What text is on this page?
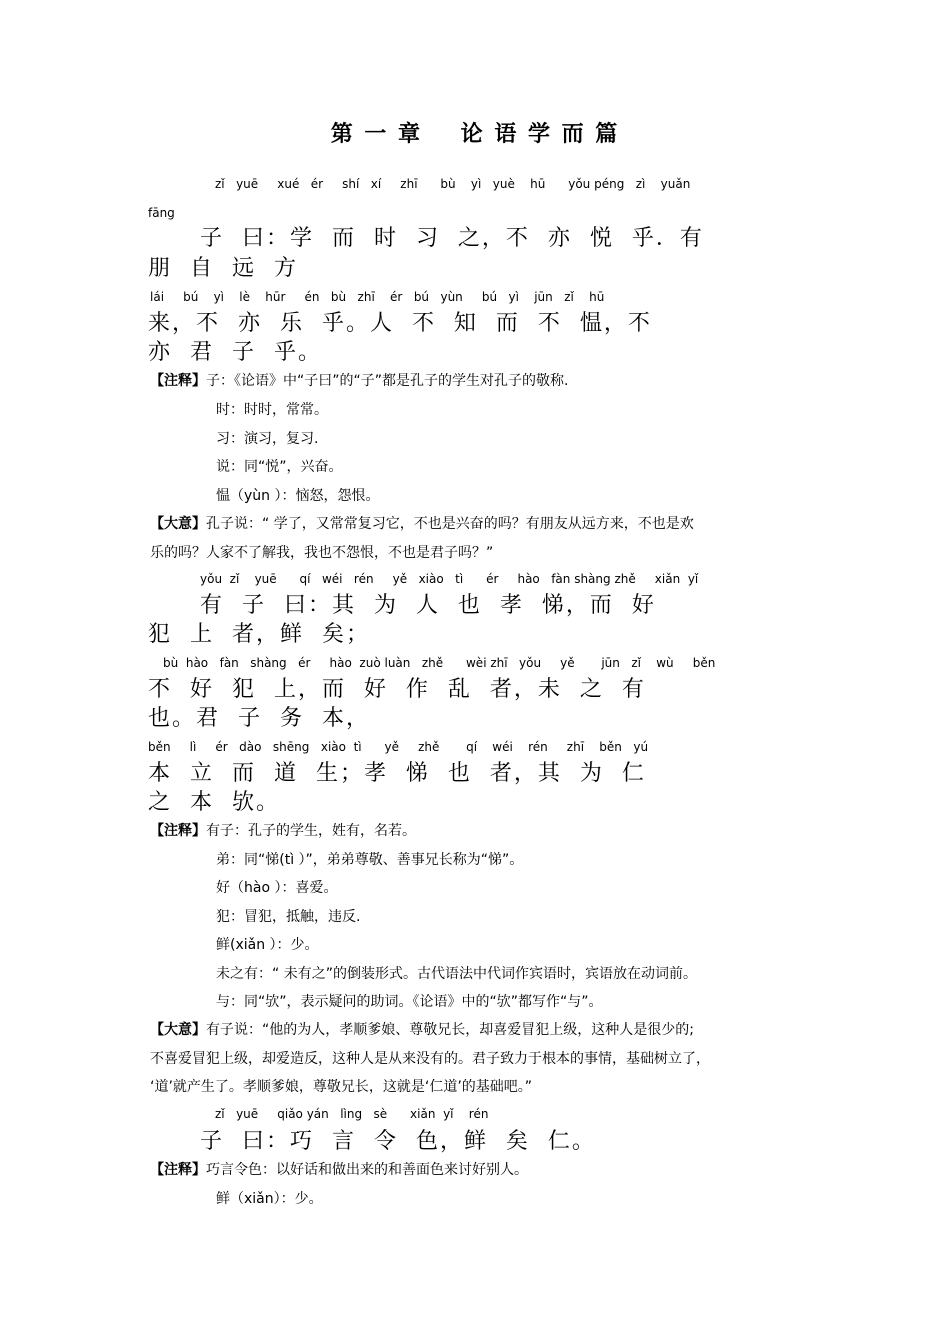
第 一 章    论 语 学 而 篇
zǐ   yuē     xué   ér     shí   xí     zhī      bù    yì   yuè    hū      yǒu péng   zì    yuǎn
fāng
子  曰：学  而  时  习  之，不  亦  悦  乎．有
朋  自  远  方
lái     bú    yì    lè    hūr     én   bù   zhī    ér   bú   yùn     bú   yì    jūn   zǐ    hū
来，不  亦  乐  乎。人  不  知  而  不  愠，不
亦  君  子  乎。
【注释】子：《论语》中“子曰”的“子”都是孔子的学生对孔子的敬称.
时：时时，常常。
习：演习，复习.
说：同“悦”，兴奋。
愠（yùn ）：恼怒，怨恨。
【大意】孔子说：“ 学了，又常常复习它，不也是兴奋的吗？有朋友从远方来，不也是欢
乐的吗？人家不了解我，我也不怨恨，不也是君子吗？”
yǒu  zǐ    yuē      qí   wéi   rén     yě   xiào   tì      ér     hào   fàn shàng zhě     xiǎn  yǐ
有  子  曰：其  为  人  也  孝  悌，而  好
犯  上  者，鲜  矣；
bù  hào   fàn   shàng   ér     hào  zuò luàn   zhě      wèi zhī   yǒu     yě       jūn   zǐ    wù     běn
不  好  犯  上，而  好  作  乱  者，未  之  有
也。君  子  务  本，
běn     lì     ér   dào   shēng   xiào  tì      yě     zhě       qí    wéi    rén     zhī    běn   yú
本  立  而  道  生；孝  悌  也  者，其  为  仁
之  本  欤。
【注释】有子：孔子的学生，姓有，名若。
弟：同“悌(tì ）”，弟弟尊敬、善事兄长称为“悌”。
好（hào ）：喜爱。
犯：冒犯，抵触，违反.
鲜(xiǎn ）：少。
未之有：“ 未有之”的倒装形式。古代语法中代词作宾语时，宾语放在动词前。
与：同“欤”，表示疑问的助词。《论语》中的“欤”都写作“与”。
【大意】有子说：“他的为人，孝顺爹娘、尊敬兄长，却喜爱冒犯上级，这种人是很少的;
不喜爱冒犯上级，却爱造反，这种人是从来没有的。君子致力于根本的事情，基础树立了，
‘道’就产生了。孝顺爹娘，尊敬兄长，这就是‘仁道’的基础吧。”
zǐ   yuē     qiǎo yán   lìng   sè      xiǎn  yǐ    rén
子  曰：巧  言  令  色，鲜  矣  仁。
【注释】巧言令色：以好话和做出来的和善面色来讨好别人。
鲜（xiǎn）：少。
